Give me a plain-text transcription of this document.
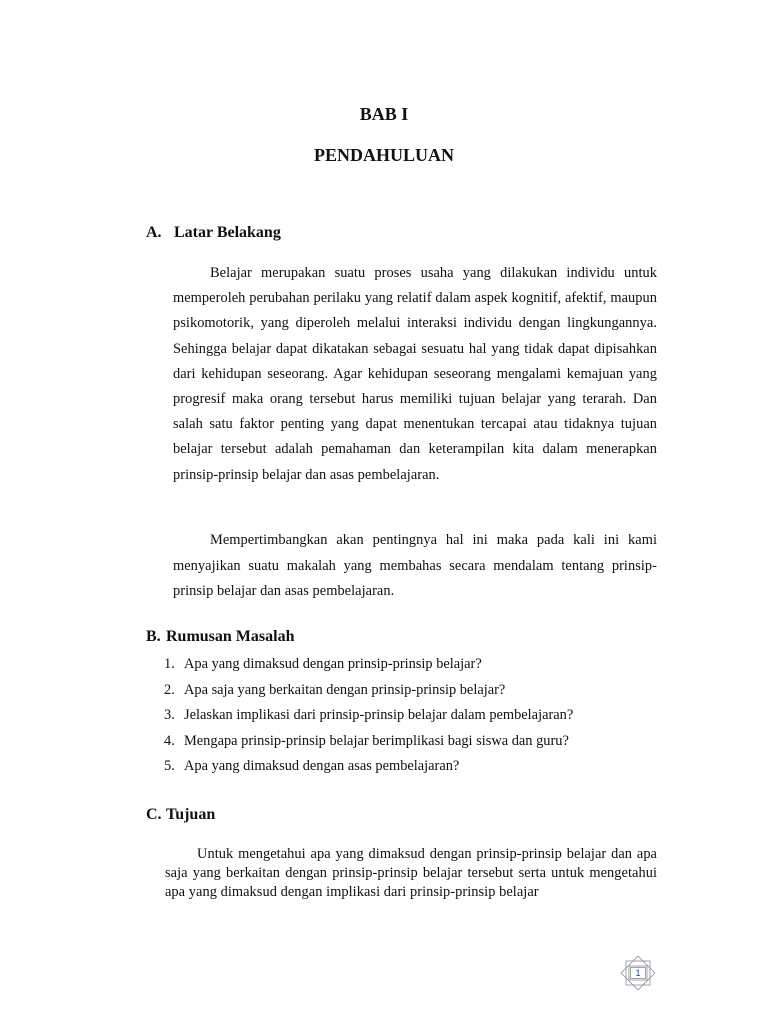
BAB I
PENDAHULUAN
A. Latar Belakang

Belajar merupakan suatu proses usaha yang dilakukan individu untuk memperoleh perubahan perilaku yang relatif dalam aspek kognitif, afektif, maupun psikomotorik, yang diperoleh melalui interaksi individu dengan lingkungannya. Sehingga belajar dapat dikatakan sebagai sesuatu hal yang tidak dapat dipisahkan dari kehidupan seseorang. Agar kehidupan seseorang mengalami kemajuan yang progresif maka orang tersebut harus memiliki tujuan belajar yang terarah. Dan salah satu faktor penting yang dapat menentukan tercapai atau tidaknya tujuan belajar tersebut adalah pemahaman dan keterampilan kita dalam menerapkan prinsip-prinsip belajar dan asas pembelajaran.

Mempertimbangkan akan pentingnya hal ini maka pada kali ini kami menyajikan suatu makalah yang membahas secara mendalam tentang prinsip-prinsip belajar dan asas pembelajaran.

B. Rumusan Masalah
1. Apa yang dimaksud dengan prinsip-prinsip belajar?
2. Apa saja yang berkaitan dengan prinsip-prinsip belajar?
3. Jelaskan implikasi dari prinsip-prinsip belajar dalam pembelajaran?
4. Mengapa prinsip-prinsip belajar berimplikasi bagi siswa dan guru?
5. Apa yang dimaksud dengan asas pembelajaran?
C. Tujuan

Untuk mengetahui apa yang dimaksud dengan prinsip-prinsip belajar dan apa saja yang berkaitan dengan prinsip-prinsip belajar tersebut serta untuk mengetahui apa yang dimaksud dengan implikasi dari prinsip-prinsip belajar

1
